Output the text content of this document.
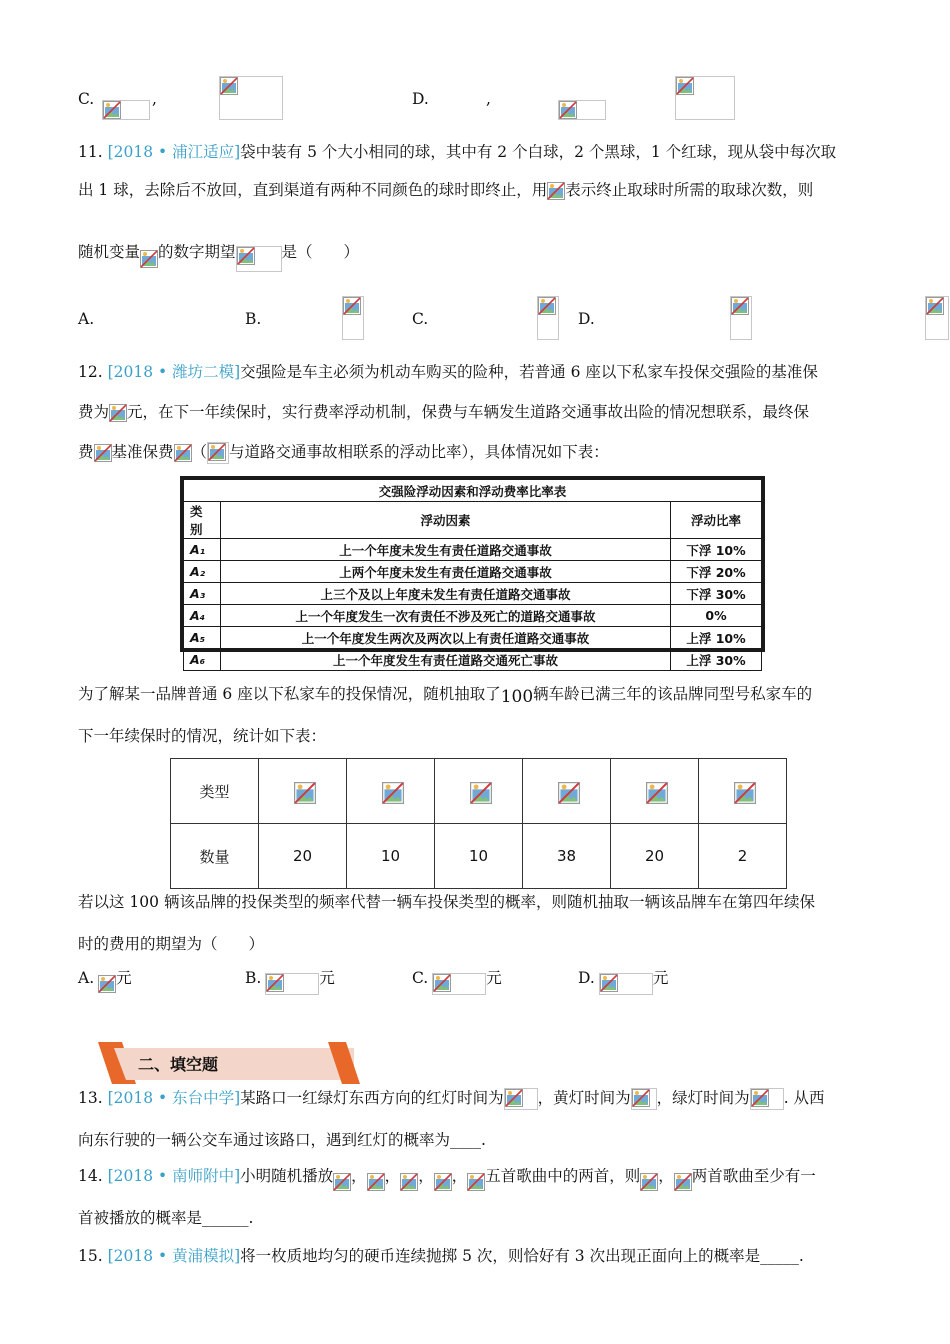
C.
	,
	D.
	,

11. [2018 • 浦江适应]袋中装有 5 个大小相同的球，其中有 2 个白球，2 个黑球，1 个红球，现从袋中每次取
出 1 球，去除后不放回，直到渠道有两种不同颜色的球时即终止，用 表示终止取球时所需的取球次数，则
随机变量 的数字期望	是（　　）
A.
	B.
	C.
	D.
12. [2018 • 潍坊二模]交强险是车主必须为机动车购买的险种，若普通 6 座以下私家车投保交强险的基准保
费为 元，在下一年续保时，实行费率浮动机制，保费与车辆发生道路交通事故出险的情况想联系，最终保
费 基准保费 （ 与道路交通事故相联系的浮动比率），具体情况如下表：
交强险浮动因素和浮动费率比率表		
类别	浮动因素	浮动比率
A₁	上一个年度未发生有责任道路交通事故	下浮 10%
A₂	上两个年度未发生有责任道路交通事故	下浮 20%
A₃	上三个及以上年度未发生有责任道路交通事故	下浮 30%
A₄	上一个年度发生一次有责任不涉及死亡的道路交通事故	0%
A₅	上一个年度发生两次及两次以上有责任道路交通事故	上浮 10%
A₆	上一个年度发生有责任道路交通死亡事故	上浮 30%
为了解某一品牌普通 6 座以下私家车的投保情况，随机抽取了100辆车龄已满三年的该品牌同型号私家车的
下一年续保时的情况，统计如下表：
类型						
数量	20	10	10	38	20	2
若以这 100 辆该品牌的投保类型的频率代替一辆车投保类型的概率，则随机抽取一辆该品牌车在第四年续保
时的费用的期望为（　　）
A. 元	B.	元	C.	元	D.	元
二、填空题
13. [2018 • 东台中学]某路口一红绿灯东西方向的红灯时间为 ，黄灯时间为 ，绿灯时间为 . 从西
向东行驶的一辆公交车通过该路口，遇到红灯的概率为____.
14. [2018 • 南师附中]小明随机播放 ， ， ， ， 五首歌曲中的两首，则 ， 两首歌曲至少有一
首被播放的概率是______.
15. [2018 • 黄浦模拟]将一枚质地均匀的硬币连续抛掷 5 次，则恰好有 3 次出现正面向上的概率是_____.
